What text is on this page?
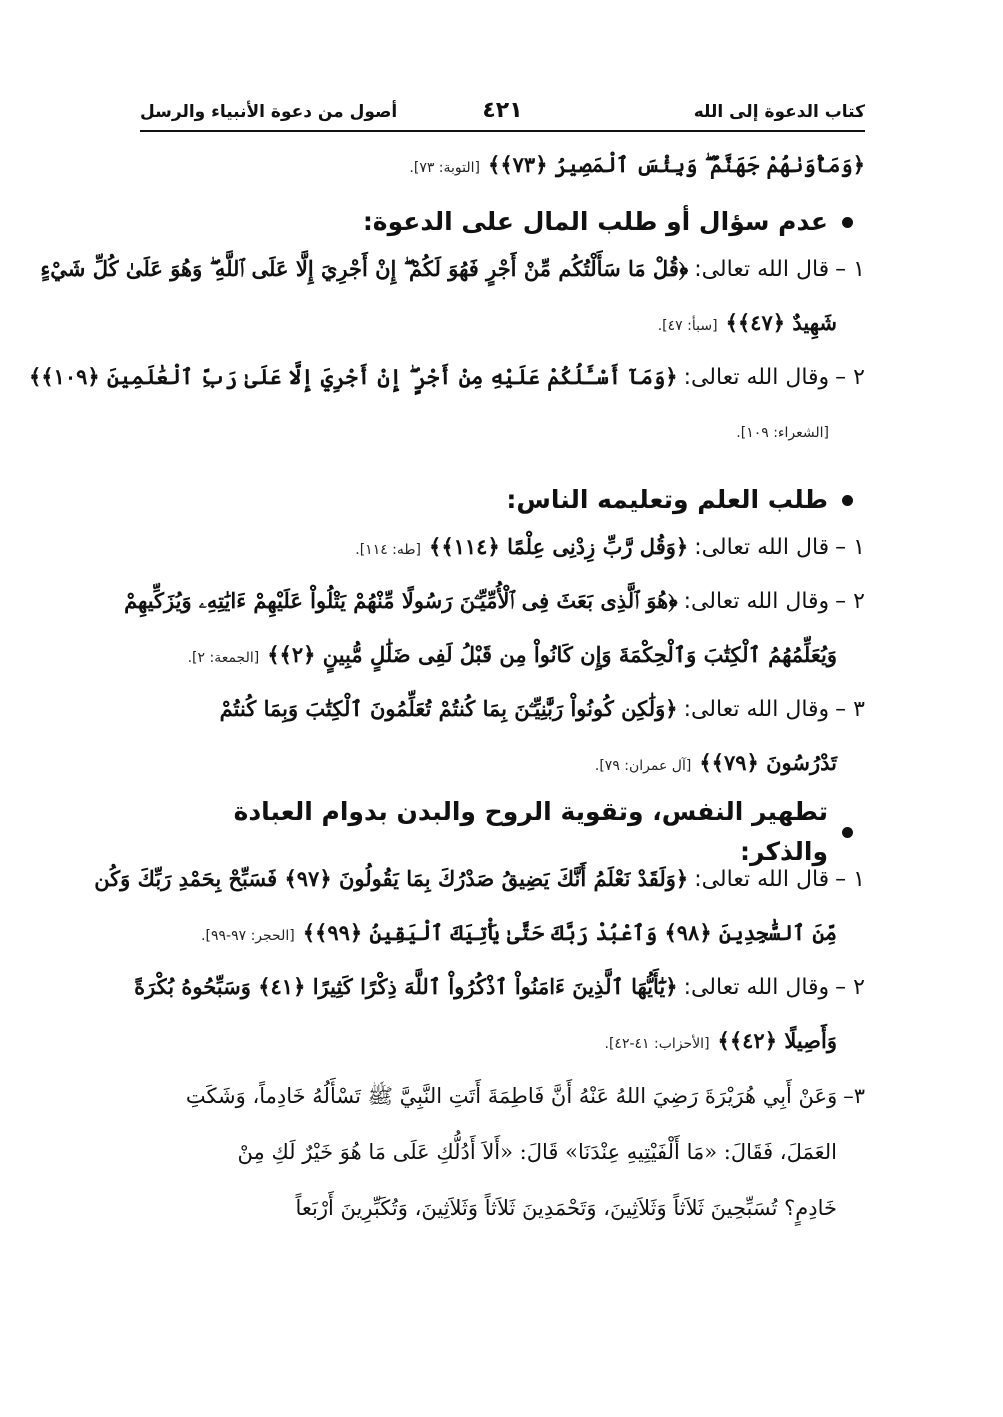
كتاب الدعوة إلى الله
٤٢١
أصول من دعوة الأنبياء والرسل
﴿وَمَأْوَىٰهُمْ جَهَنَّمُ ۖ وَبِئْسَ ٱلْمَصِيرُ ﴿٧٣﴾﴾[التوبة: ٧٣].
عدم سؤال أو طلب المال على الدعوة:
١ –قال الله تعالى:﴿قُلْ مَا سَأَلْتُكُم مِّنْ أَجْرٍ فَهُوَ لَكُمْ ۖ إِنْ أَجْرِيَ إِلَّا عَلَى ٱللَّهِ ۖ وَهُوَ عَلَىٰ كُلِّ شَيْءٍ
شَهِيدٌ ﴿٤٧﴾﴾[سبأ: ٤٧].
٢ –وقال الله تعالى:﴿وَمَآ أَسْـَٔلُكُمْ عَلَيْهِ مِنْ أَجْرٍ ۖ إِنْ أَجْرِيَ إِلَّا عَلَىٰ رَبِّ ٱلْعَٰلَمِينَ ﴿١٠٩﴾﴾
[الشعراء: ١٠٩].
طلب العلم وتعليمه الناس:
١ –قال الله تعالى:﴿وَقُل رَّبِّ زِدْنِى عِلْمًا ﴿١١٤﴾﴾[طه: ١١٤].
٢ –وقال الله تعالى:﴿هُوَ ٱلَّذِى بَعَثَ فِى ٱلْأُمِّيِّـۧنَ رَسُولًا مِّنْهُمْ يَتْلُواْ عَلَيْهِمْ ءَايَٰتِهِۦ وَيُزَكِّيهِمْ
وَيُعَلِّمُهُمُ ٱلْكِتَٰبَ وَٱلْحِكْمَةَ وَإِن كَانُواْ مِن قَبْلُ لَفِى ضَلَٰلٍ مُّبِينٍ ﴿٢﴾﴾[الجمعة: ٢].
٣ –وقال الله تعالى:﴿وَلَٰكِن كُونُواْ رَبَّٰنِيِّـۧنَ بِمَا كُنتُمْ تُعَلِّمُونَ ٱلْكِتَٰبَ وَبِمَا كُنتُمْ
تَدْرُسُونَ ﴿٧٩﴾﴾[آل عمران: ٧٩].
تطهير النفس، وتقوية الروح والبدن بدوام العبادة والذكر:
١ –قال الله تعالى:﴿وَلَقَدْ نَعْلَمُ أَنَّكَ يَضِيقُ صَدْرُكَ بِمَا يَقُولُونَ ﴿٩٧﴾ فَسَبِّحْ بِحَمْدِ رَبِّكَ وَكُن
مِّنَ ٱلسَّٰجِدِينَ ﴿٩٨﴾ وَٱعْبُدْ رَبَّكَ حَتَّىٰ يَأْتِيَكَ ٱلْيَقِينُ ﴿٩٩﴾﴾[الحجر: ٩٧-٩٩].
٢ –وقال الله تعالى:﴿يَٰٓأَيُّهَا ٱلَّذِينَ ءَامَنُواْ ٱذْكُرُواْ ٱللَّهَ ذِكْرًا كَثِيرًا ﴿٤١﴾ وَسَبِّحُوهُ بُكْرَةً
وَأَصِيلًا ﴿٤٢﴾﴾[الأحزاب: ٤١-٤٢].
٣–وَعَنْ أَبِي هُرَيْرَةَ رَضِيَ اللهُ عَنْهُ أَنَّ فَاطِمَةَ أَتَتِ النَّبِيَّ ﷺ تَسْأَلُهُ خَادِماً، وَشَكَتِ
العَمَلَ، فَقَالَ: «مَا أَلْفَيْتِيهِ عِنْدَنَا» قَالَ: «أَلاَ أَدُلُّكِ عَلَى مَا هُوَ خَيْرٌ لَكِ مِنْ
خَادِمٍ؟ تُسَبِّحِينَ ثَلاَثاً وَثَلاَثِينَ، وَتَحْمَدِينَ ثَلاَثاً وَثَلاَثِينَ، وَتُكَبِّرِينَ أَرْبَعاً
